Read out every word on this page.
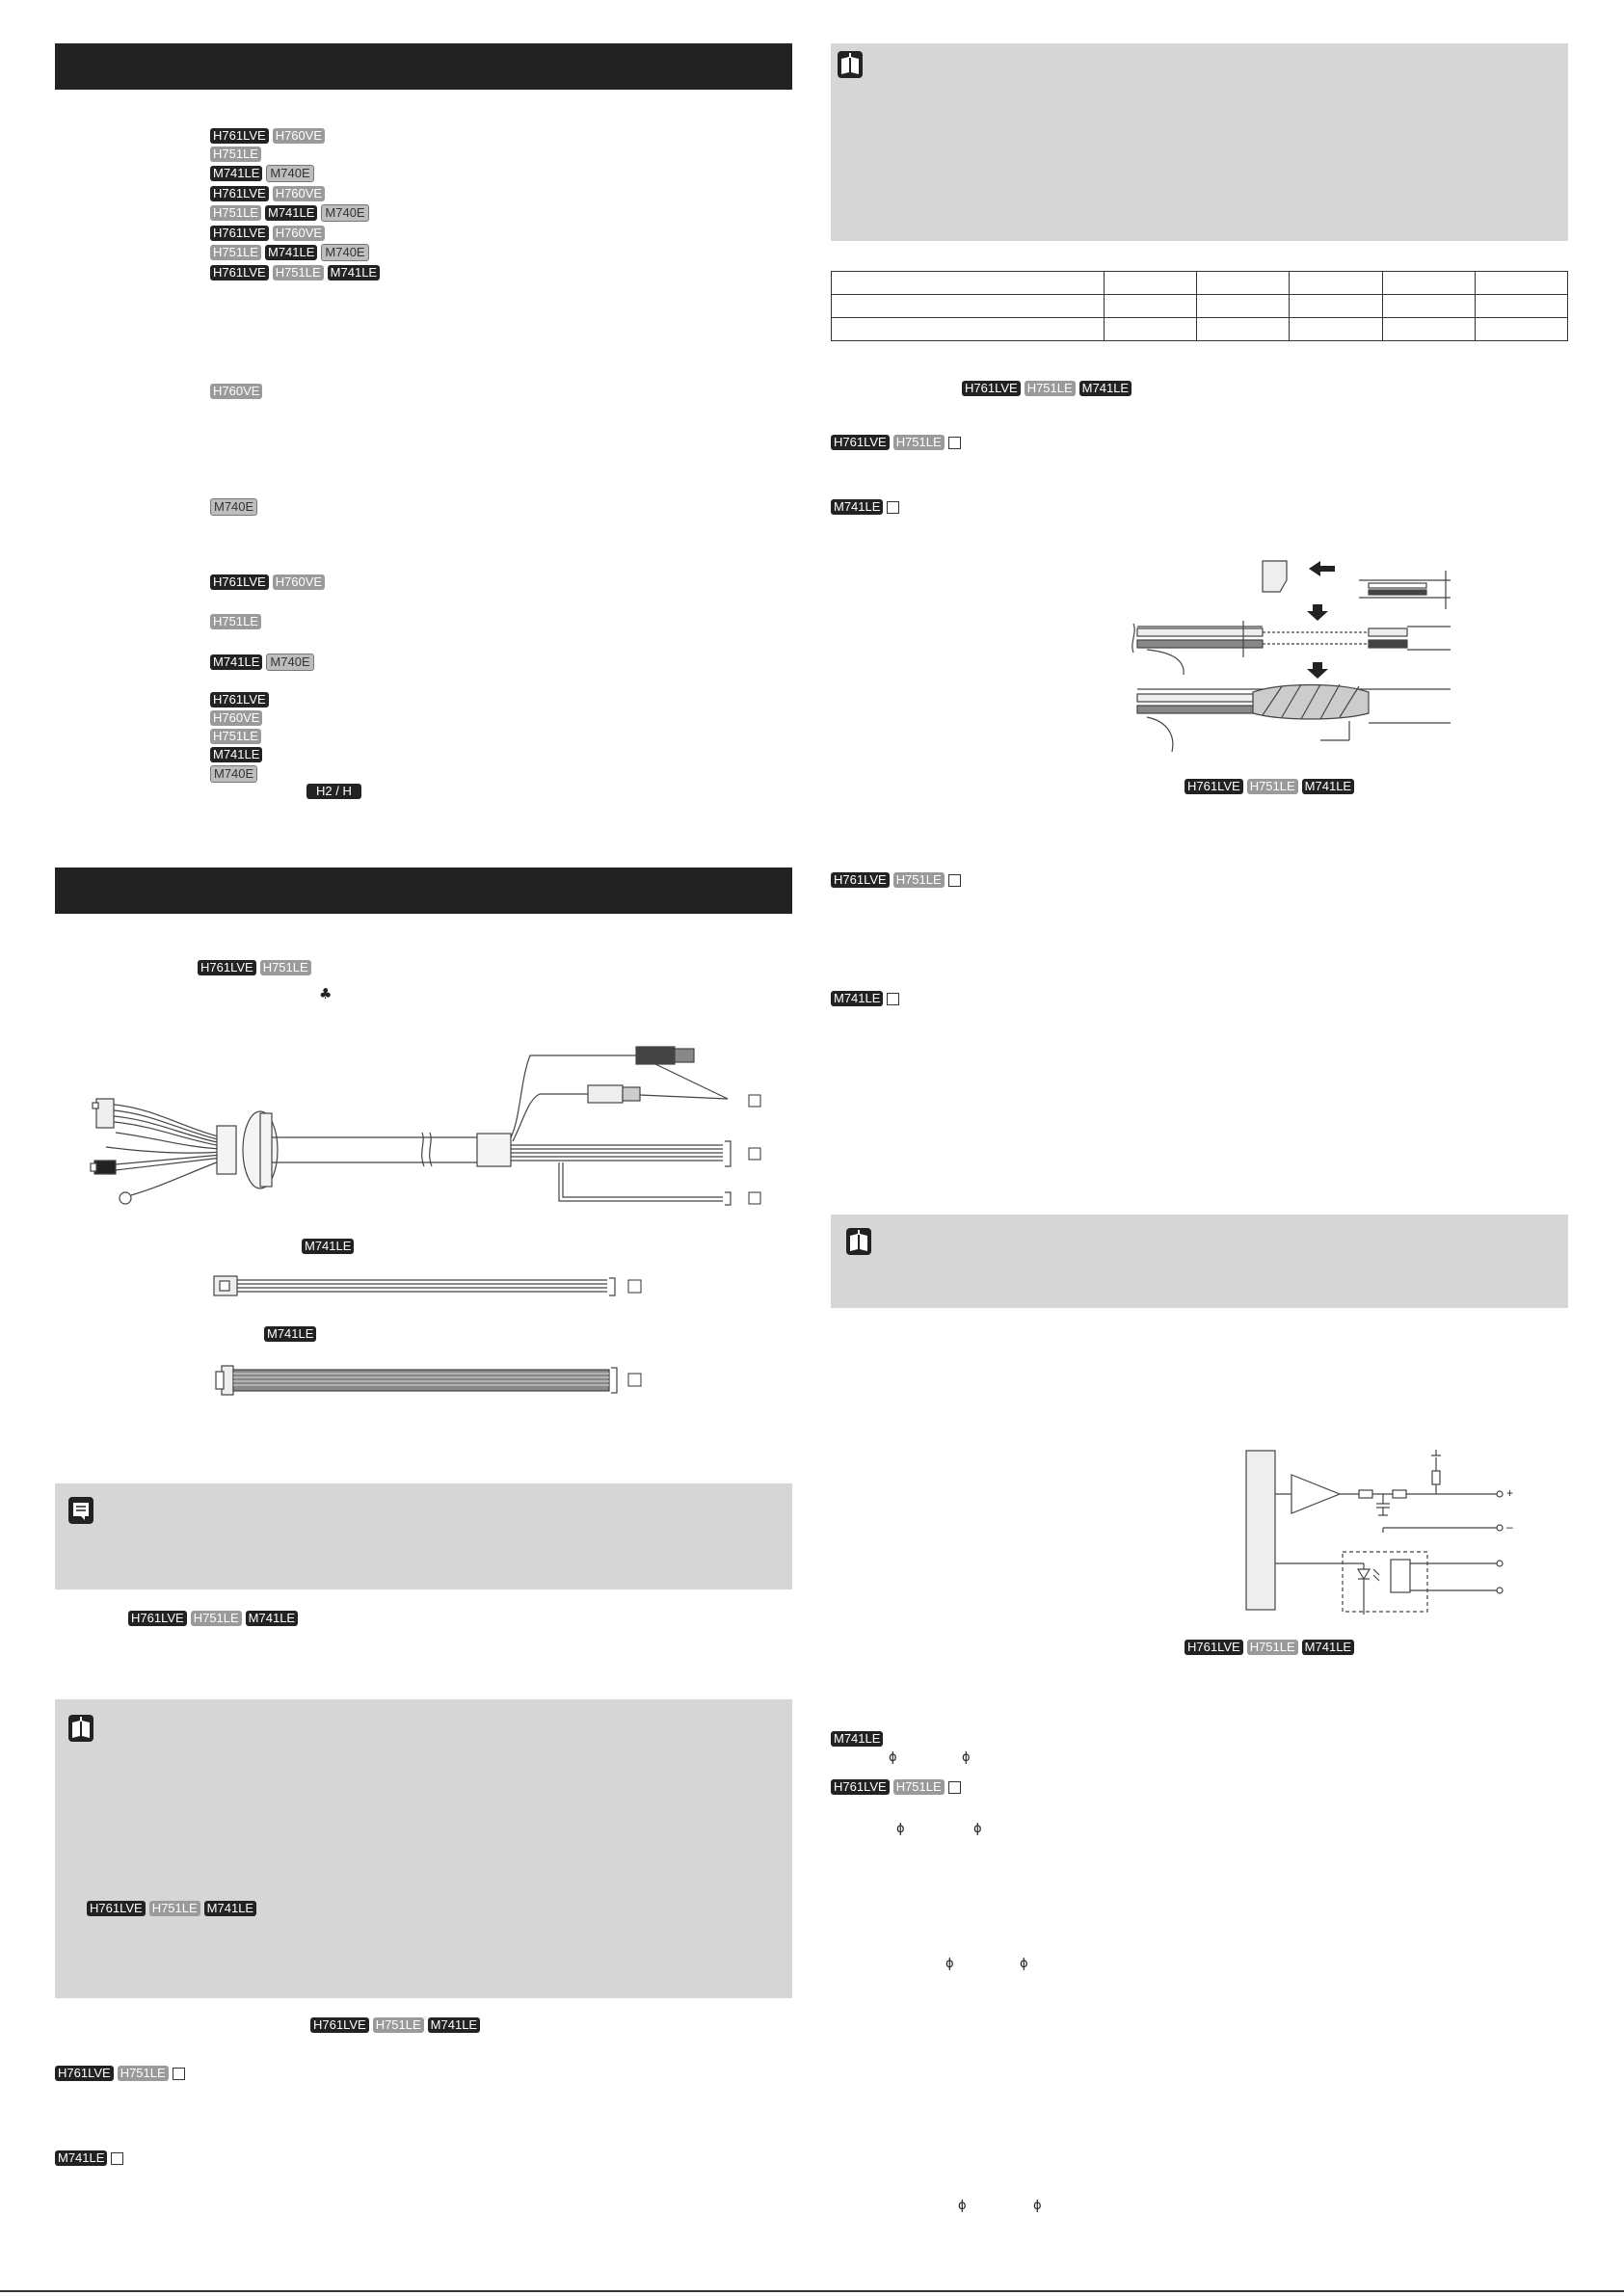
H761LVE H760VE
H751LE
M741LE M740E
H761LVE H760VE
H751LE M741LE M740E
H761LVE H760VE
H751LE M741LE M740E
H761LVE H751LE M741LE
H760VE
M740E
H761LVE H760VE
H751LE
M741LE M740E
H761LVE
H760VE
H751LE
M741LE
M740E
H2 / H
H761LVE H751LE
♣
M741LE
M741LE
H761LVE H751LE M741LE
H761LVE H751LE M741LE
H761LVE H751LE M741LE
H761LVE H751LE
M741LE

H761LVE H751LE M741LE
H761LVE H751LE
M741LE
H761LVE H751LE M741LE
H761LVE H751LE
M741LE
+
–
H761LVE H751LE M741LE
M741LE
ϕ	ϕ
H761LVE H751LE
ϕ	ϕ
ϕ	ϕ
ϕ	ϕ
